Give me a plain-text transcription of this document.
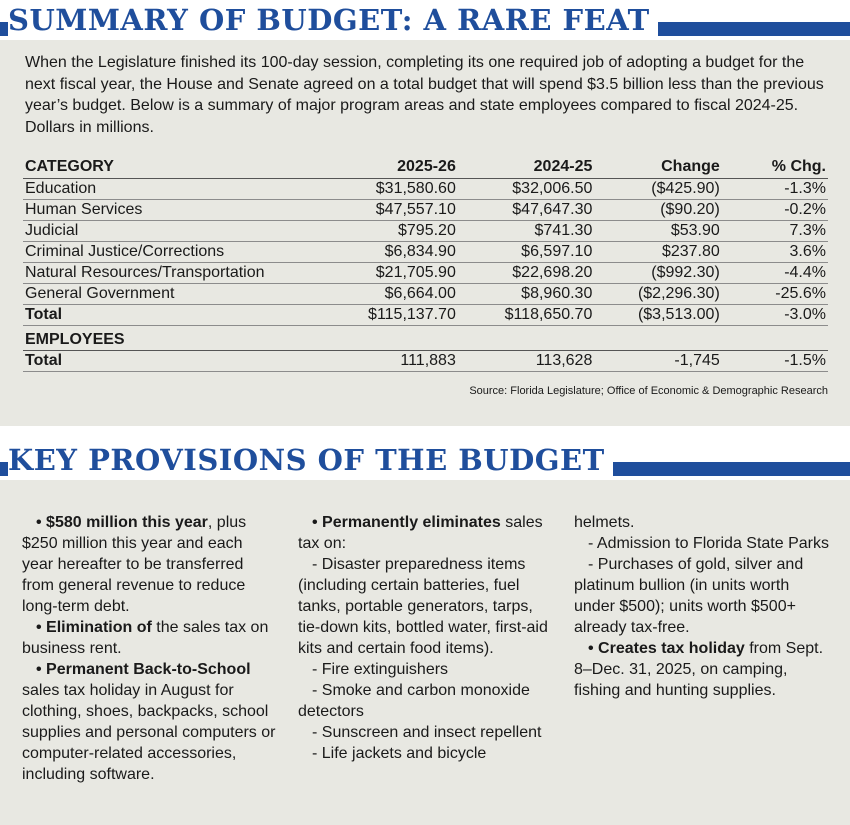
SUMMARY OF BUDGET: A RARE FEAT

When the Legislature finished its 100-day session, completing its one required job of adopting a budget for the next fiscal year, the House and Senate agreed on a total budget that will spend $3.5 billion less than the previous year’s budget. Below is a summary of major program areas and state employees compared to fiscal 2024-25. Dollars in millions.

CATEGORY	2025-26	2024-25	Change	% Chg.
Education	$31,580.60	$32,006.50	($425.90)	-1.3%
Human Services	$47,557.10	$47,647.30	($90.20)	-0.2%
Judicial	$795.20	$741.30	$53.90	7.3%
Criminal Justice/Corrections	$6,834.90	$6,597.10	$237.80	3.6%
Natural Resources/Transportation	$21,705.90	$22,698.20	($992.30)	-4.4%
General Government	$6,664.00	$8,960.30	($2,296.30)	-25.6%
Total	$115,137.70	$118,650.70	($3,513.00)	-3.0%
EMPLOYEES				
Total	111,883	113,628	-1,745	-1.5%
Source: Florida Legislature; Office of Economic & Demographic Research
KEY PROVISIONS OF THE BUDGET
• $580 million this year, plus $250 million this year and each year hereafter to be transferred from general revenue to reduce long-term debt.
• Elimination of the sales tax on business rent.
• Permanent Back-to-School sales tax holiday in August for clothing, shoes, backpacks, school supplies and personal computers or computer-related accessories, including software.
• Permanently eliminates sales tax on:
- Disaster preparedness items (including certain batteries, fuel tanks, portable generators, tarps, tie-down kits, bottled water, first-aid kits and certain food items).
- Fire extinguishers
- Smoke and carbon monoxide detectors
- Sunscreen and insect repellent
- Life jackets and bicycle
helmets.
- Admission to Florida State Parks
- Purchases of gold, silver and platinum bullion (in units worth under $500); units worth $500+ already tax-free.
• Creates tax holiday from Sept. 8–Dec. 31, 2025, on camping, fishing and hunting supplies.
